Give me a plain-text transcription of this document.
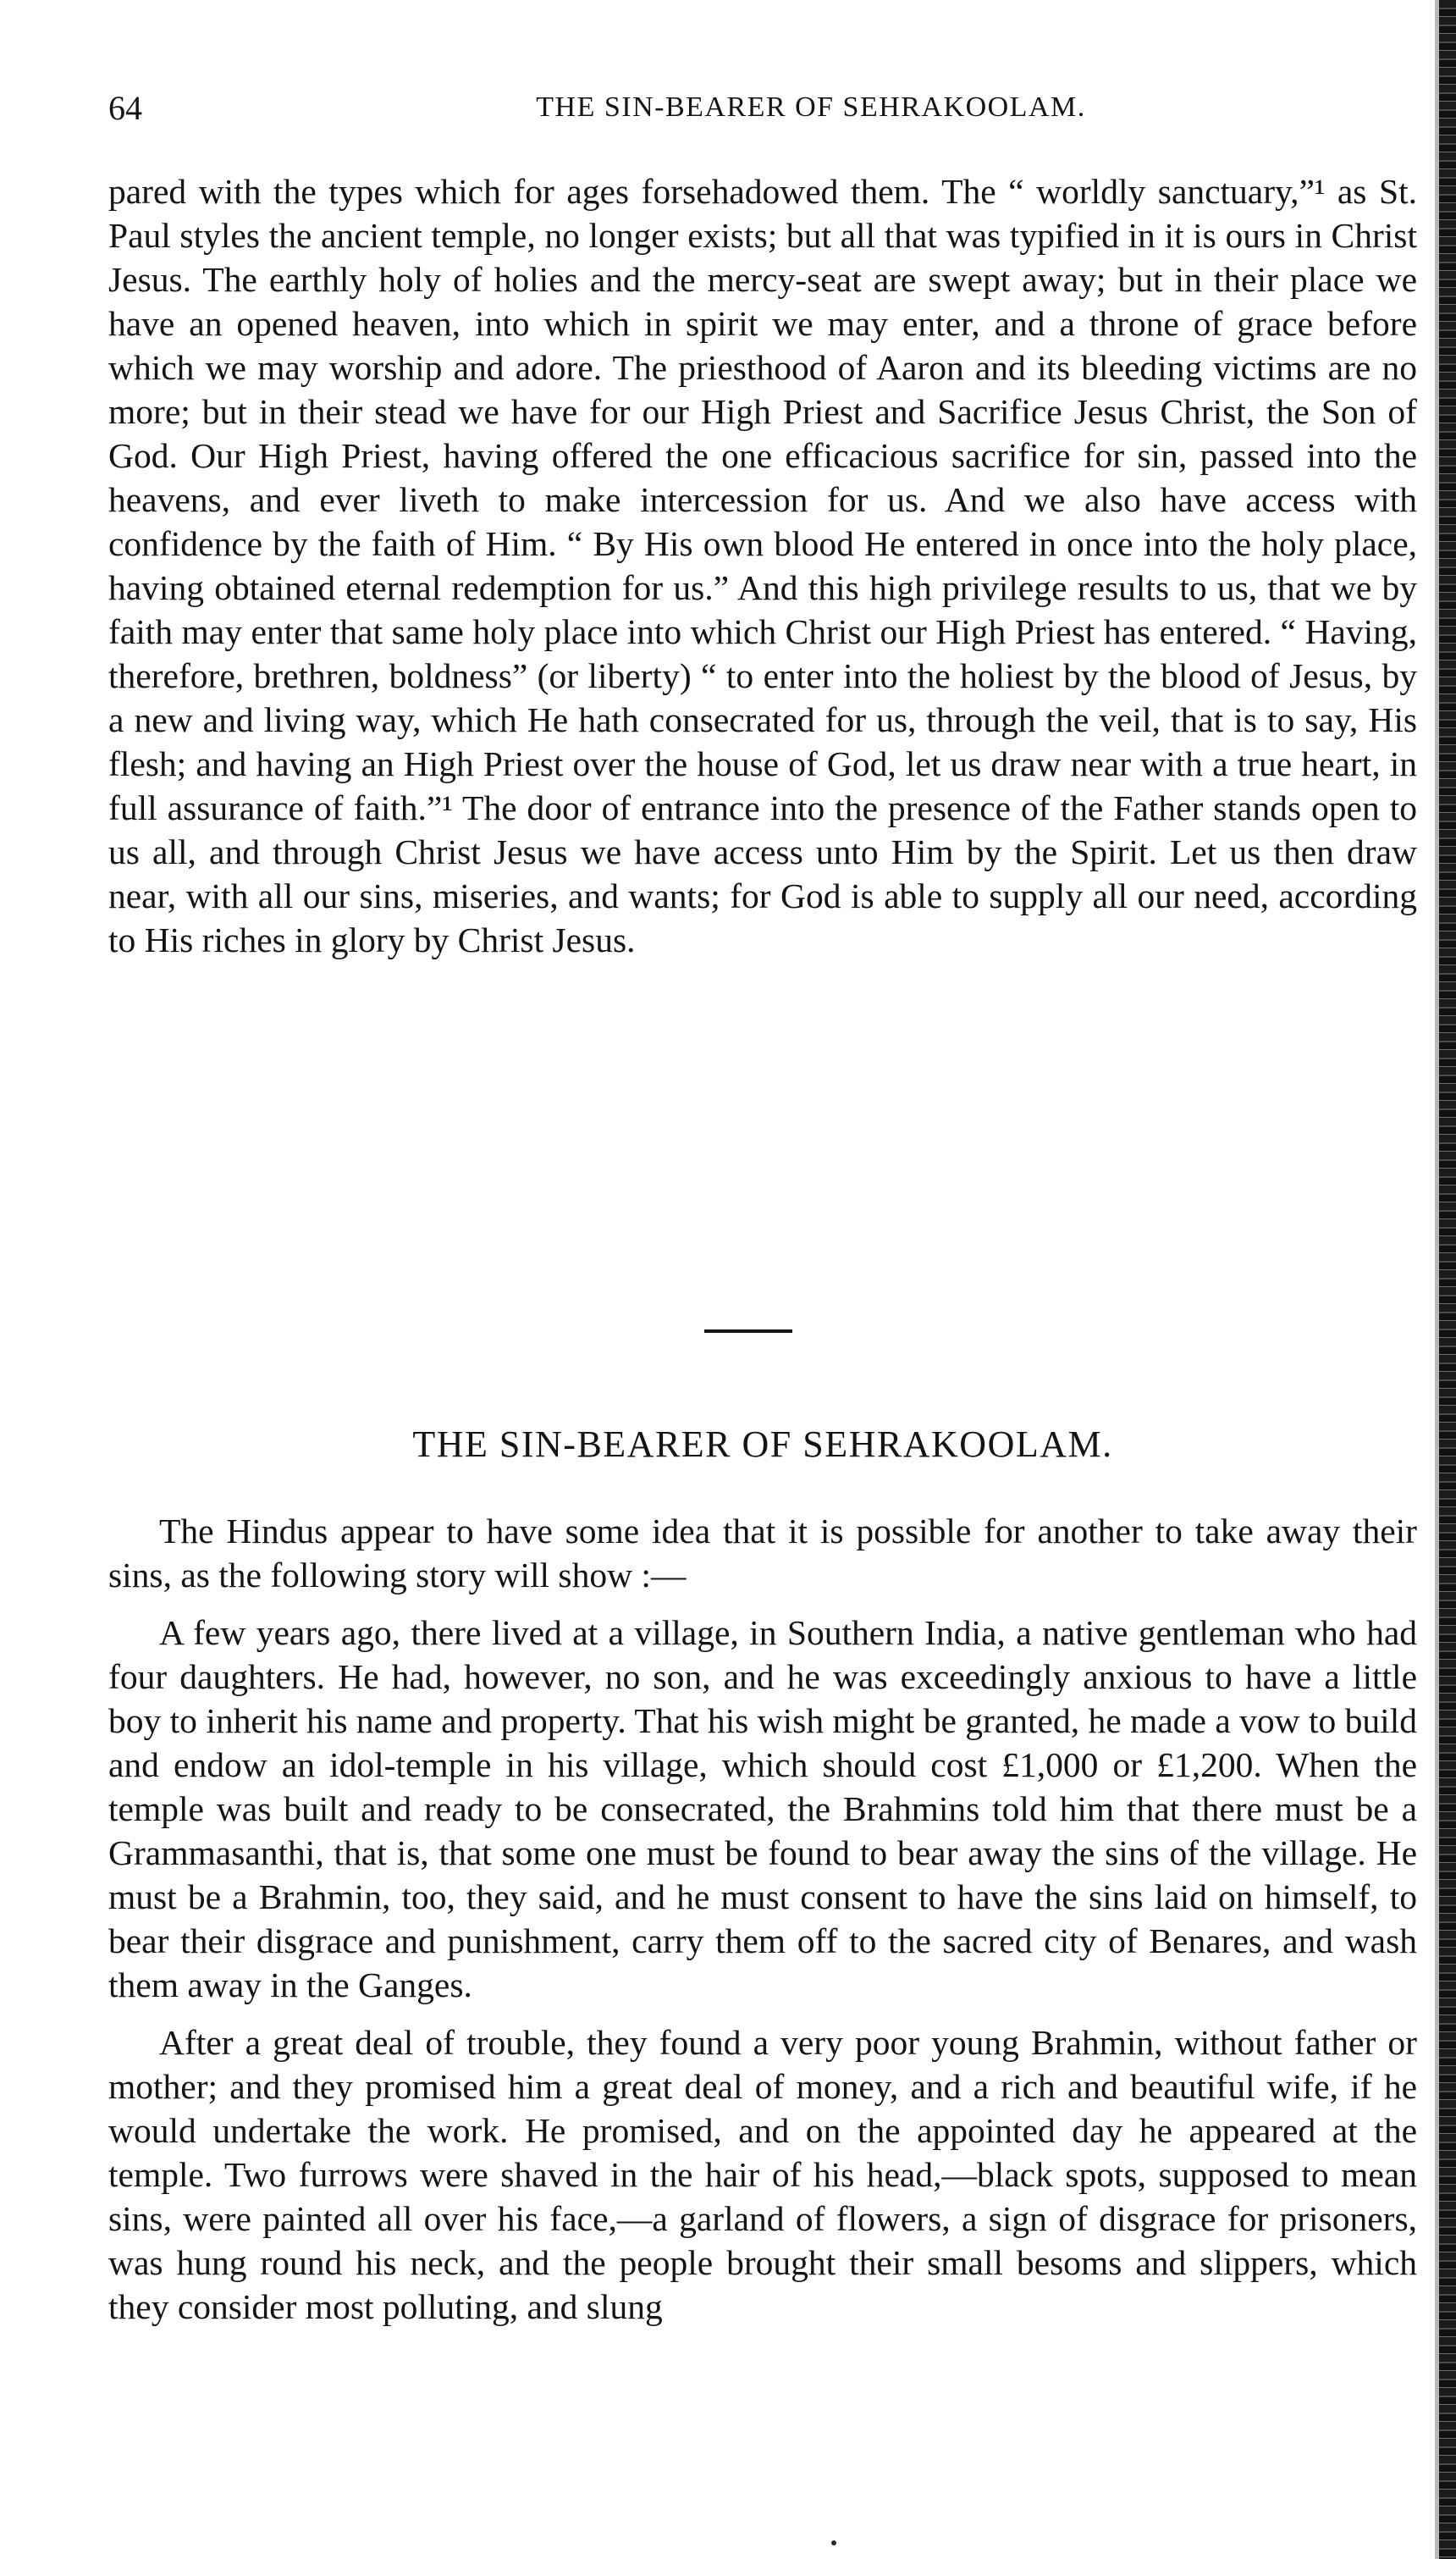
64	THE SIN-BEARER OF SEHRAKOOLAM.

pared with the types which for ages forsehadowed them. The “ worldly sanctuary,”¹ as St. Paul styles the ancient temple, no longer exists; but all that was typified in it is ours in Christ Jesus. The earthly holy of holies and the mercy-seat are swept away; but in their place we have an opened heaven, into which in spirit we may enter, and a throne of grace before which we may worship and adore. The priesthood of Aaron and its bleeding victims are no more; but in their stead we have for our High Priest and Sacrifice Jesus Christ, the Son of God. Our High Priest, having offered the one efficacious sacrifice for sin, passed into the heavens, and ever liveth to make intercession for us. And we also have access with confidence by the faith of Him. “ By His own blood He entered in once into the holy place, having obtained eternal redemption for us.” And this high privilege results to us, that we by faith may enter that same holy place into which Christ our High Priest has entered. “ Having, therefore, brethren, boldness” (or liberty) “ to enter into the holiest by the blood of Jesus, by a new and living way, which He hath consecrated for us, through the veil, that is to say, His flesh; and having an High Priest over the house of God, let us draw near with a true heart, in full assurance of faith.”¹ The door of entrance into the presence of the Father stands open to us all, and through Christ Jesus we have access unto Him by the Spirit. Let us then draw near, with all our sins, miseries, and wants; for God is able to supply all our need, according to His riches in glory by Christ Jesus.

THE SIN-BEARER OF SEHRAKOOLAM.

The Hindus appear to have some idea that it is possible for another to take away their sins, as the following story will show :—

A few years ago, there lived at a village, in Southern India, a native gentleman who had four daughters. He had, however, no son, and he was exceedingly anxious to have a little boy to inherit his name and property. That his wish might be granted, he made a vow to build and endow an idol-temple in his village, which should cost £1,000 or £1,200. When the temple was built and ready to be consecrated, the Brahmins told him that there must be a Grammasanthi, that is, that some one must be found to bear away the sins of the village. He must be a Brahmin, too, they said, and he must consent to have the sins laid on himself, to bear their disgrace and punishment, carry them off to the sacred city of Benares, and wash them away in the Ganges.

After a great deal of trouble, they found a very poor young Brahmin, without father or mother; and they promised him a great deal of money, and a rich and beautiful wife, if he would undertake the work. He promised, and on the appointed day he appeared at the temple. Two furrows were shaved in the hair of his head,—black spots, supposed to mean sins, were painted all over his face,—a garland of flowers, a sign of disgrace for prisoners, was hung round his neck, and the people brought their small besoms and slippers, which they consider most polluting, and slung
